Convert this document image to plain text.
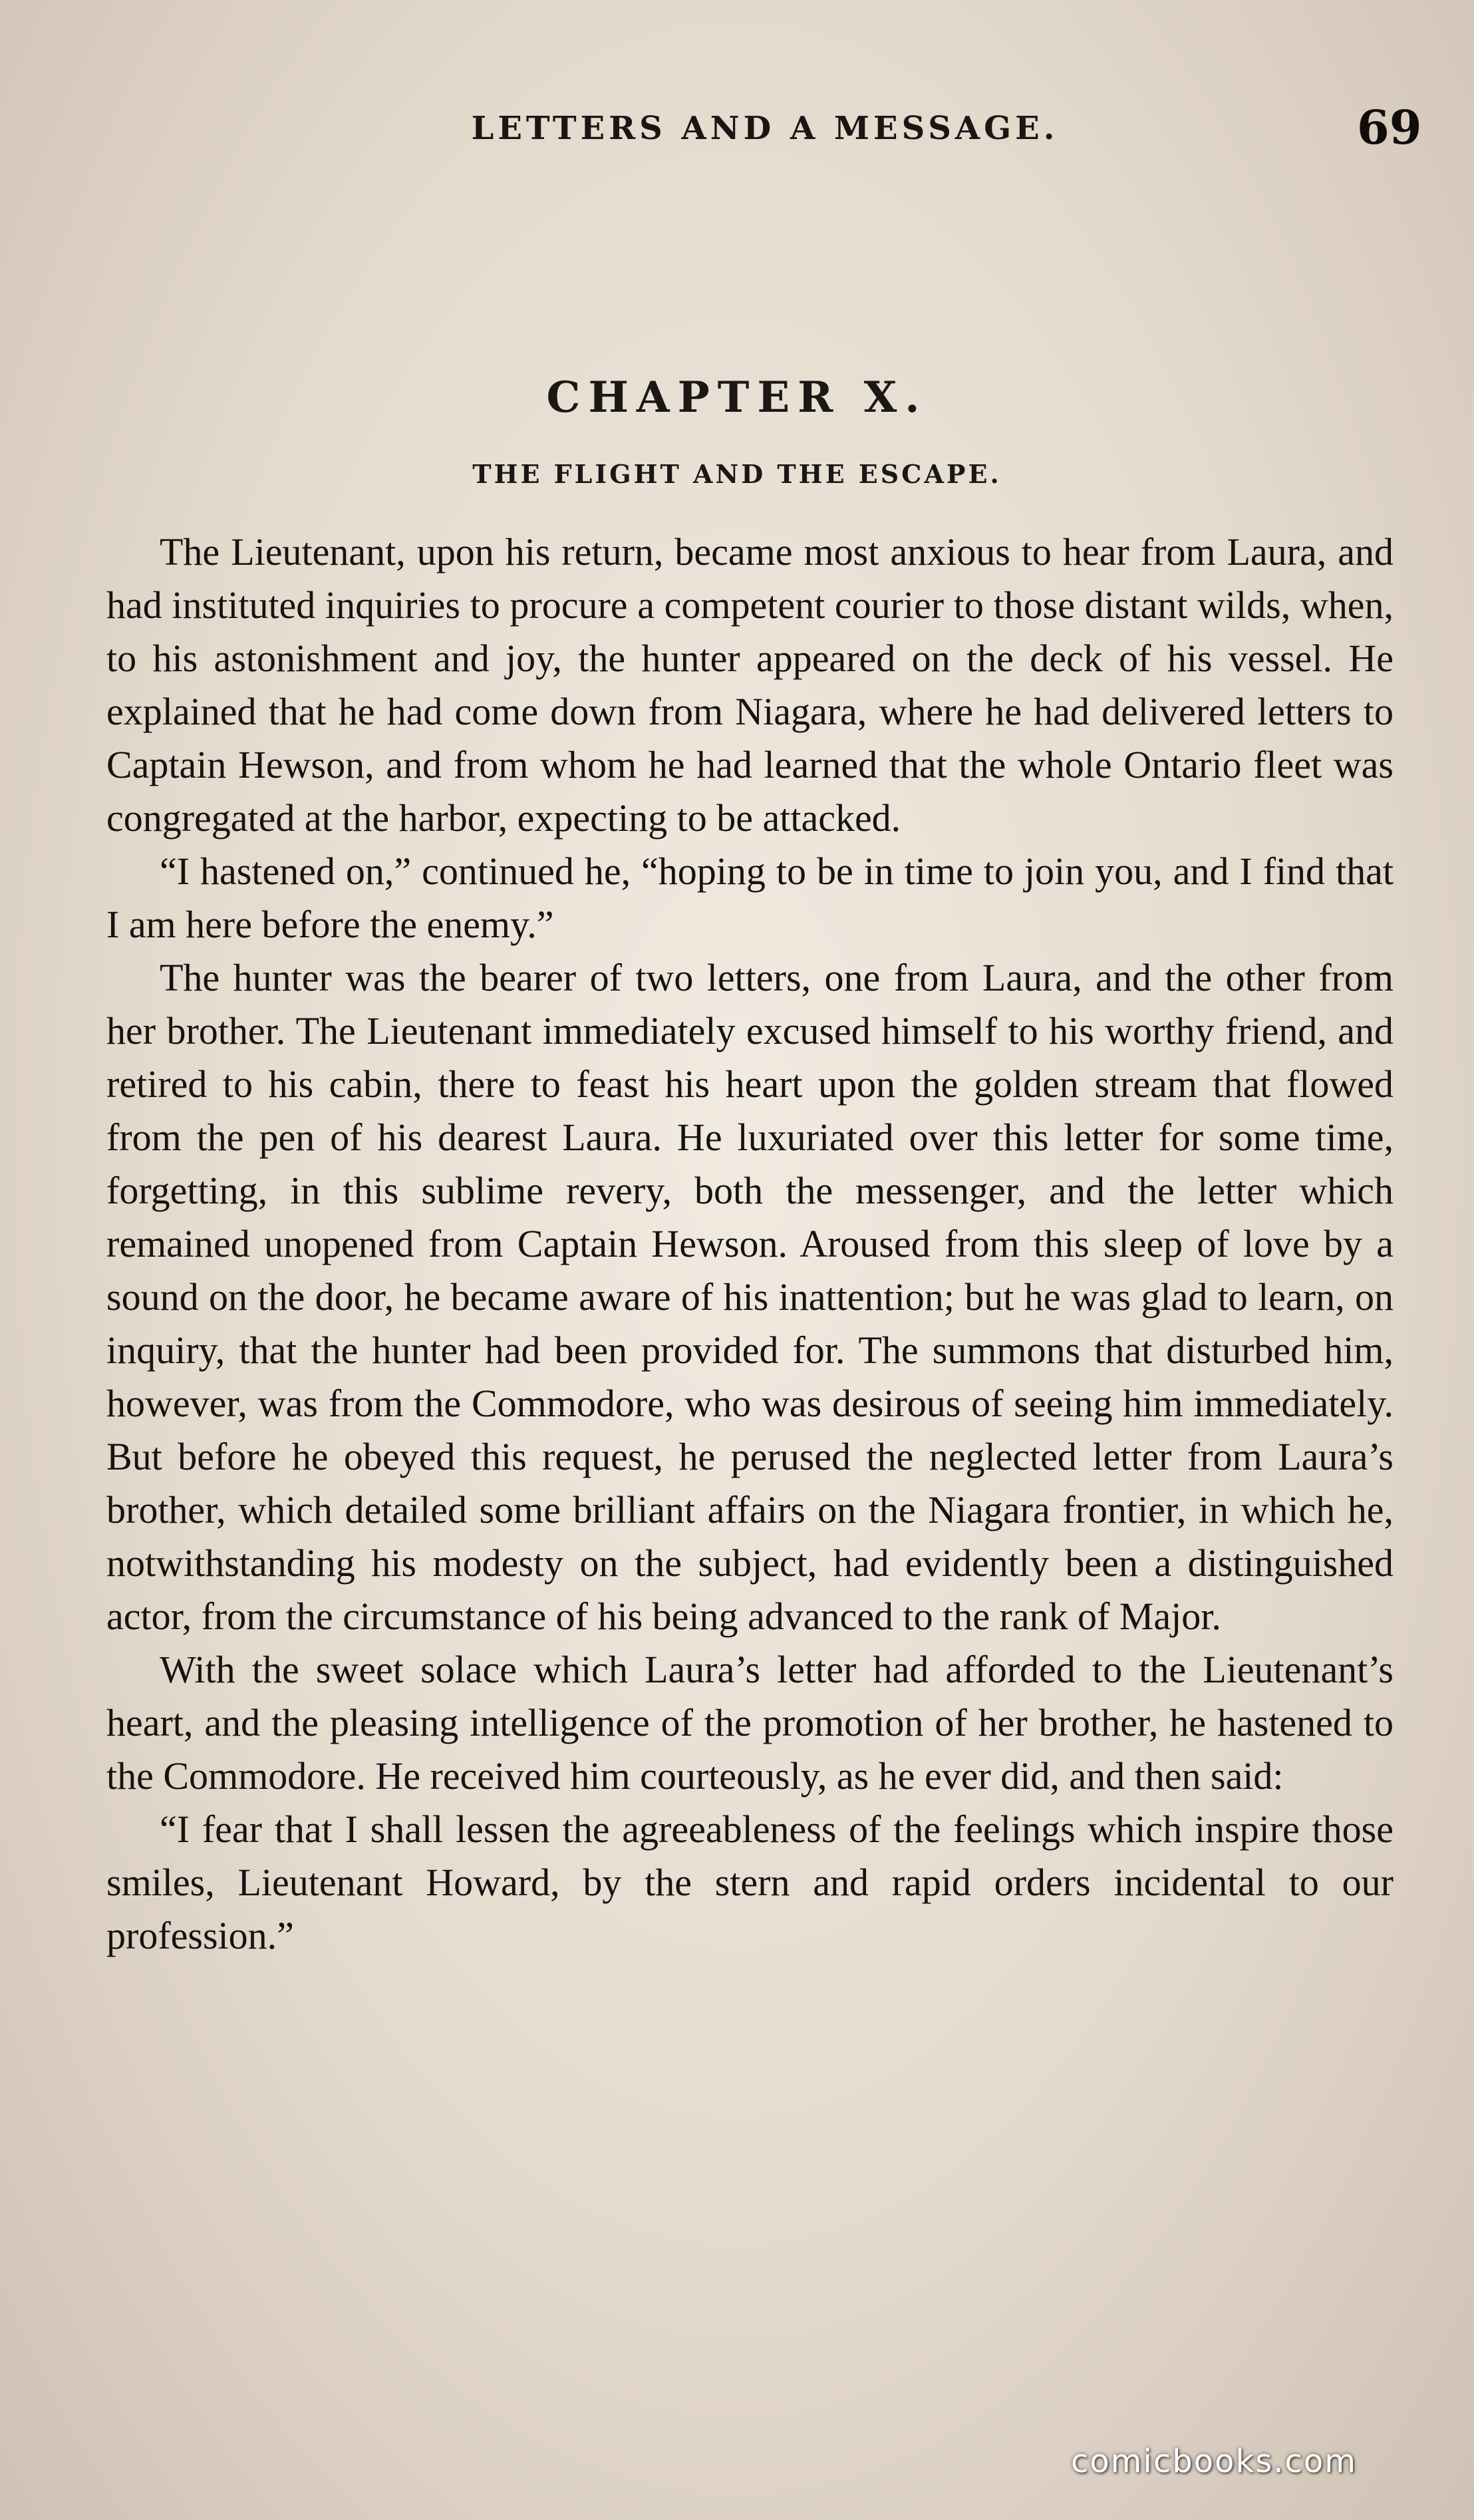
LETTERS AND A MESSAGE.	69
CHAPTER X.
THE FLIGHT AND THE ESCAPE.

The Lieutenant, upon his return, became most anxious to hear from Laura, and had instituted inquiries to procure a competent courier to those distant wilds, when, to his astonishment and joy, the hunter appeared on the deck of his vessel. He explained that he had come down from Niagara, where he had delivered letters to Captain Hewson, and from whom he had learned that the whole Ontario fleet was congregated at the harbor, expecting to be attacked.

“I hastened on,” continued he, “hoping to be in time to join you, and I find that I am here before the enemy.”

The hunter was the bearer of two letters, one from Laura, and the other from her brother. The Lieutenant immediately excused himself to his worthy friend, and retired to his cabin, there to feast his heart upon the golden stream that flowed from the pen of his dearest Laura. He luxuriated over this letter for some time, forgetting, in this sublime revery, both the messenger, and the letter which remained unopened from Captain Hewson. Aroused from this sleep of love by a sound on the door, he became aware of his inattention; but he was glad to learn, on inquiry, that the hunter had been provided for. The summons that disturbed him, however, was from the Commodore, who was desirous of seeing him immediately. But before he obeyed this request, he perused the neglected letter from Laura’s brother, which detailed some brilliant affairs on the Niagara frontier, in which he, notwithstanding his modesty on the subject, had evidently been a distinguished actor, from the circumstance of his being advanced to the rank of Major.

With the sweet solace which Laura’s letter had afforded to the Lieutenant’s heart, and the pleasing intelligence of the promotion of her brother, he hastened to the Commodore. He received him courteously, as he ever did, and then said:

“I fear that I shall lessen the agreeableness of the feelings which inspire those smiles, Lieutenant Howard, by the stern and rapid orders incidental to our profession.”

comicbooks.com
